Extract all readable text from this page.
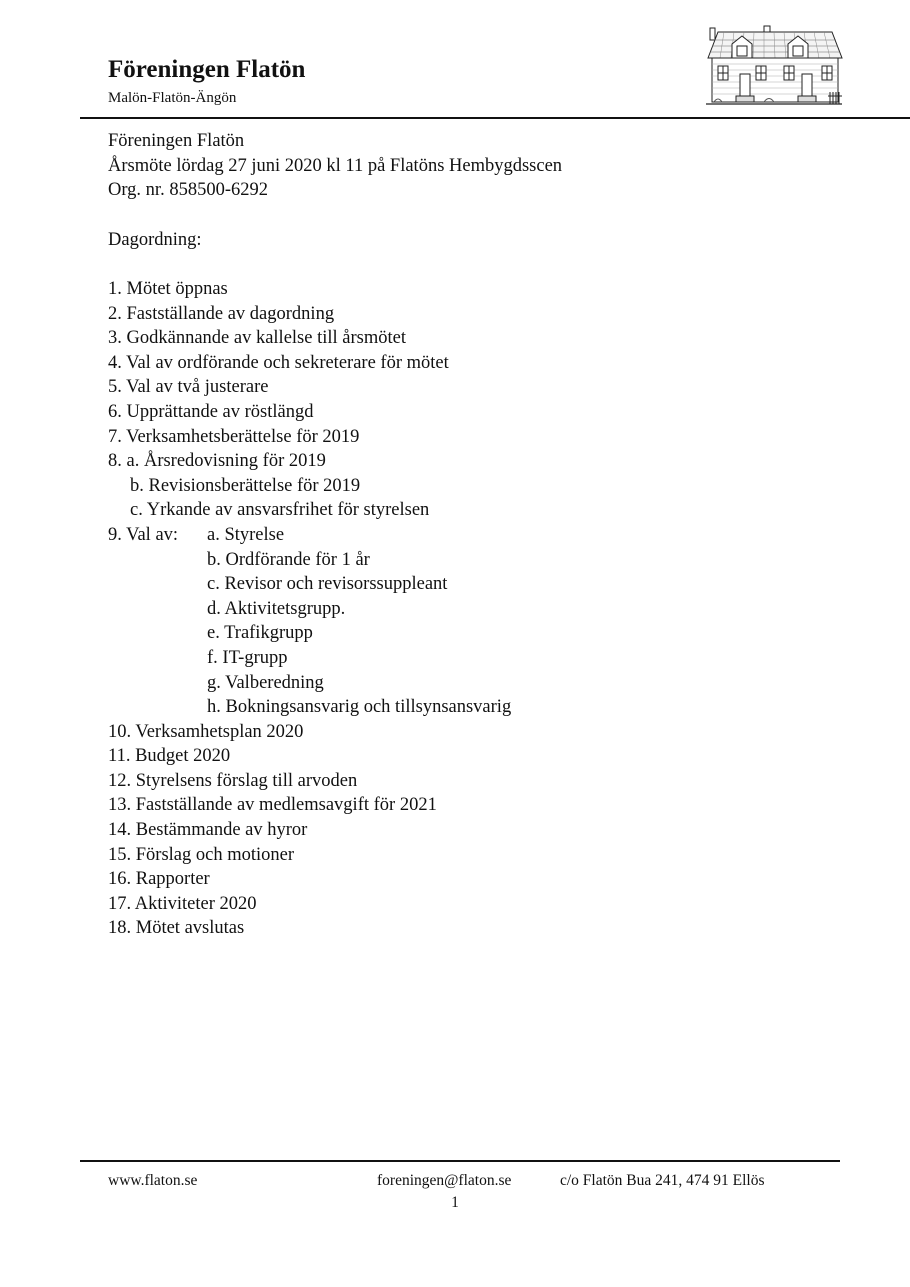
Föreningen Flatön
Malön-Flatön-Ängön
Föreningen Flatön
Årsmöte lördag 27 juni 2020 kl 11 på Flatöns Hembygdsscen
Org. nr. 858500-6292
Dagordning:
1. Mötet öppnas
2. Fastställande av dagordning
3. Godkännande av kallelse till årsmötet
4. Val av ordförande och sekreterare för mötet
5. Val av två justerare
6. Upprättande av röstlängd
7. Verksamhetsberättelse för 2019
8. a. Årsredovisning för 2019
b. Revisionsberättelse för 2019
c. Yrkande av ansvarsfrihet för styrelsen
9. Val av: a. Styrelse
b. Ordförande för 1 år
c. Revisor och revisorssuppleant
d. Aktivitetsgrupp.
e. Trafikgrupp
f. IT-grupp
g. Valberedning
h. Bokningsansvarig och tillsynsansvarig
10. Verksamhetsplan 2020
11. Budget 2020
12. Styrelsens förslag till arvoden
13. Fastställande av medlemsavgift för 2021
14. Bestämmande av hyror
15. Förslag och motioner
16. Rapporter
17. Aktiviteter 2020
18. Mötet avslutas
www.flaton.se	foreningen@flaton.se	c/o Flatön Bua 241, 474 91 Ellös
1
